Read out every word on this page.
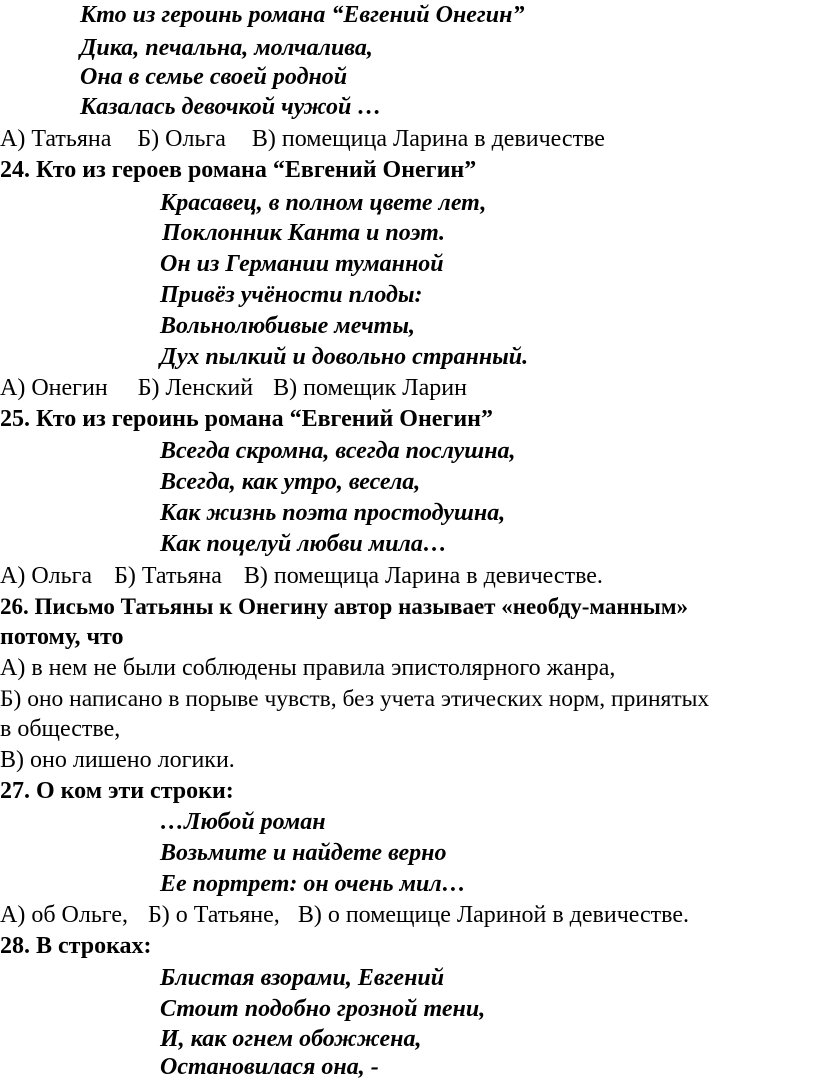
Кто из героинь романа “Евгений Онегин”
Дика, печальна, молчалива,
Она в семье своей родной
Казалась девочкой чужой …
А) Татьяна Б) Ольга В) помещица Ларина в девичестве
24. Кто из героев романа “Евгений Онегин”
Красавец, в полном цвете лет,
Поклонник Канта и поэт.
Он из Германии туманной
Привёз учёности плоды:
Вольнолюбивые мечты,
Дух пылкий и довольно странный.
А) Онегин Б) Ленский В) помещик Ларин
25. Кто из героинь романа “Евгений Онегин”
Всегда скромна, всегда послушна,
Всегда, как утро, весела,
Как жизнь поэта простодушна,
Как поцелуй любви мила…
А) Ольга Б) Татьяна В) помещица Ларина в девичестве.
26. Письмо Татьяны к Онегину автор называет «необду-манным»
потому, что
А) в нем не были соблюдены правила эпистолярного жанра,
Б) оно написано в порыве чувств, без учета этических норм, принятых
в обществе,
В) оно лишено логики.
27. О ком эти строки:
…Любой роман
Возьмите и найдете верно
Ее портрет: он очень мил…
А) об Ольге, Б) о Татьяне, В) о помещице Лариной в девичестве.
28. В строках:
Блистая взорами, Евгений
Стоит подобно грозной тени,
И, как огнем обожжена,
Остановилася она, -
